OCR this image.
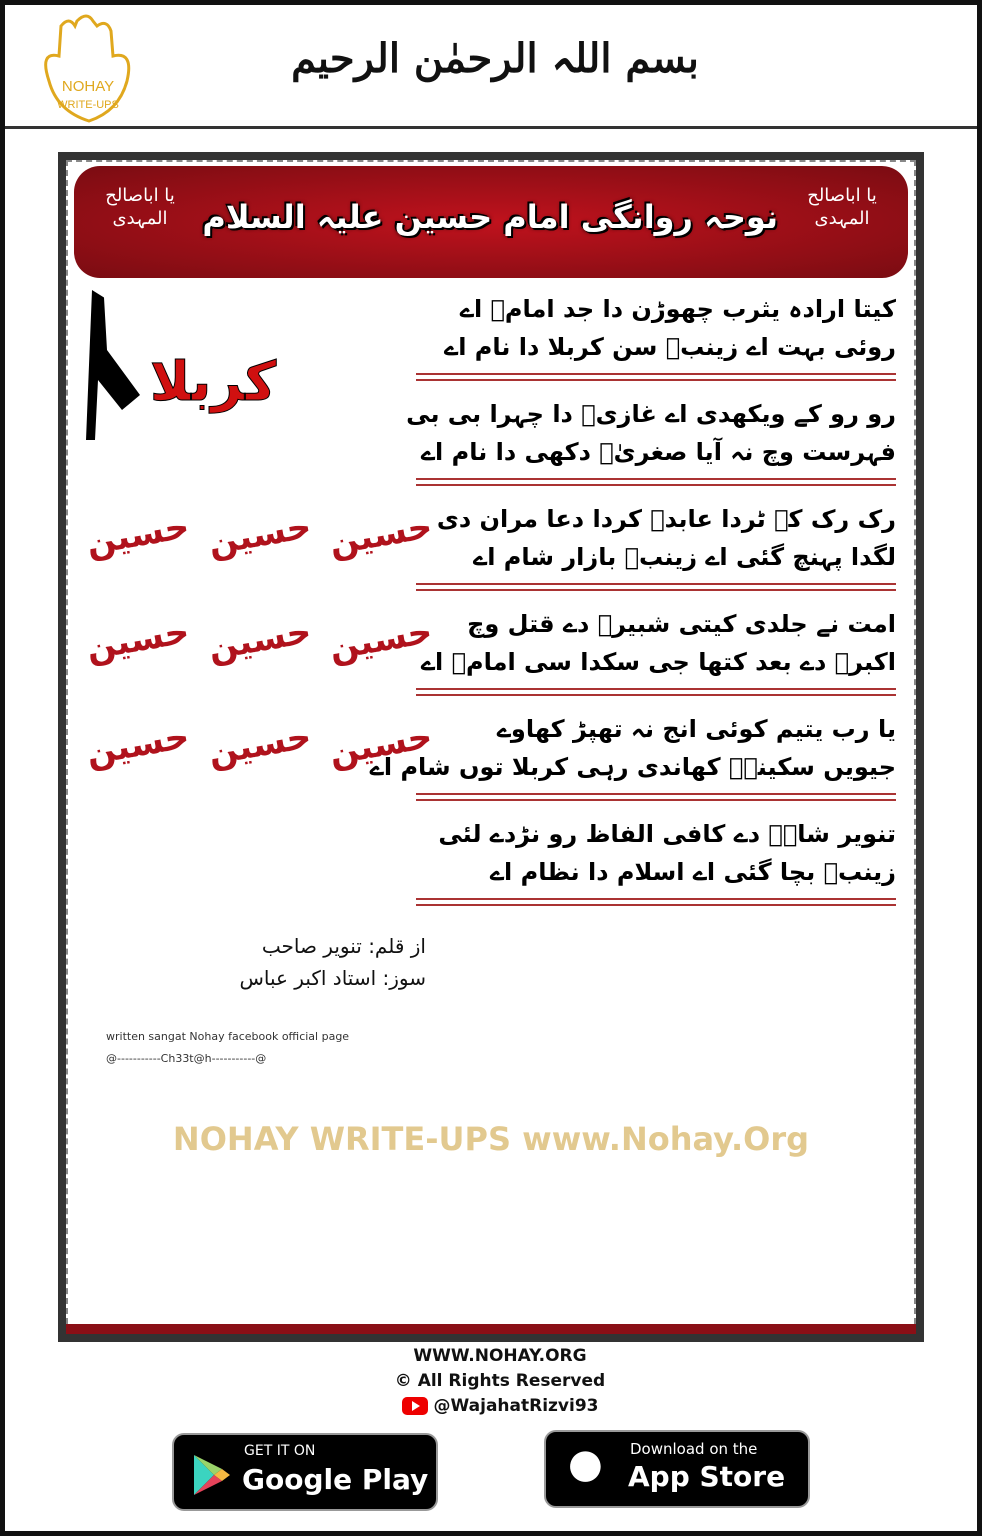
NOHAY
WRITE-UPS
بسم اللہ الرحمٰن الرحیم
یا اباصالح المہدی	نوحہ روانگی امام حسین علیہ السلام
یا اباصالح المہدی
کربلا
کیتا ارادہ یثرب چھوڑن دا جد امامؑ اے
روئی بہت اے زینبؑ سن کربلا دا نام اے
رو رو کے ویکھدی اے غازیؑ دا چہرا بی بی
فہرست وچ نہ آیا صغریٰؑ دکھی دا نام اے
حسین حسین حسین رک رک کے ٹردا عابدؑ کردا دعا مران دی
لگدا پہنچ گئی اے زینبؑ بازار شام اے
حسین حسین حسین	امت نے جلدی کیتی شبیرؑ دے قتل وچ
اکبرؑ دے بعد کتھا جی سکدا سی امامؑ اے
حسین حسین حسین	یا رب یتیم کوئی انج نہ تھپڑ کھاوے
جیویں سکینہؑ کھاندی رہی کربلا توں شام اے
تنویر شاہؑ دے کافی الفاظ رو نڑدے لئی
زینبؑ بچا گئی اے اسلام دا نظام اے
از قلم: تنویر صاحب
سوز: استاد اکبر عباس
written sangat Nohay facebook official page
@-----------Ch33t@h-----------@
NOHAY WRITE-UPS www.Nohay.Org
WWW.NOHAY.ORG
© All Rights Reserved
@WajahatRizvi93
GET IT ON
Google Play	● Download on the
App Store
